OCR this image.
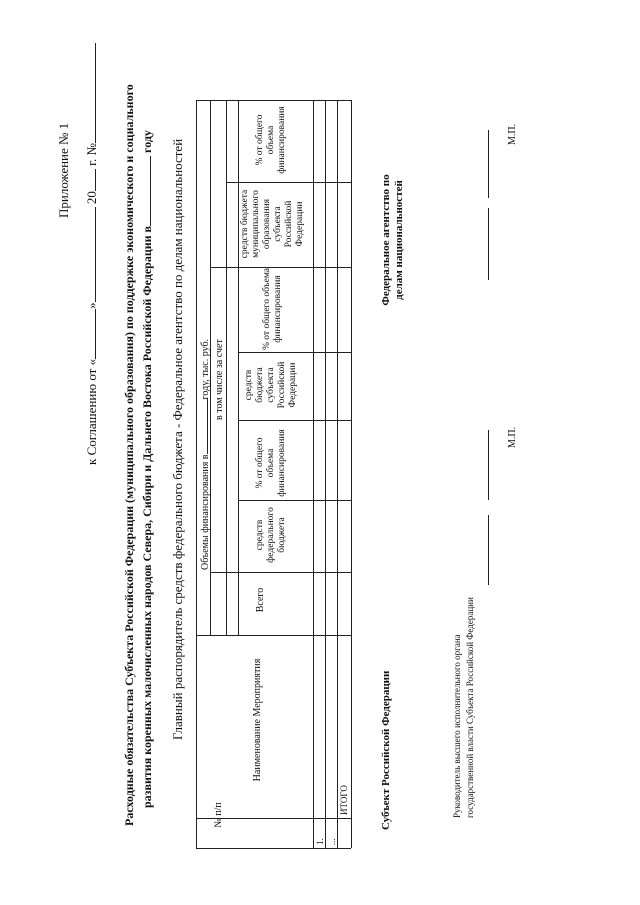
Приложение № 1
к Соглашению от «» 20 г. № Расходные обязательства Субъекта Российской Федерации (муниципального образования) по поддержке экономического и социального развития коренных малочисленных народов Севера, Сибири и Дальнего Востока Российской Федерации в году Главный распорядитель средств федерального бюджета - Федеральное агентство по делам национальностей
№ п/п
Наименование Мероприятия
Всего
Объемы финансирования вгоду, тыс. руб. в том числе за счет
средств федерального бюджета
% от общего объема финансирования
средств бюджета субъекта Российской Федерации
% от общего объема финансирования
средств бюджета муниципального образования субъекта Российской Федерации
% от общего объема финансирования
1. ...
ИТОГО	Субъект Российской Федерации
Федеральное агентство по делам национальностей
Руководитель высшего исполнительного органа государственной власти Субъекта Российской Федерации
М.П.
М.П.
